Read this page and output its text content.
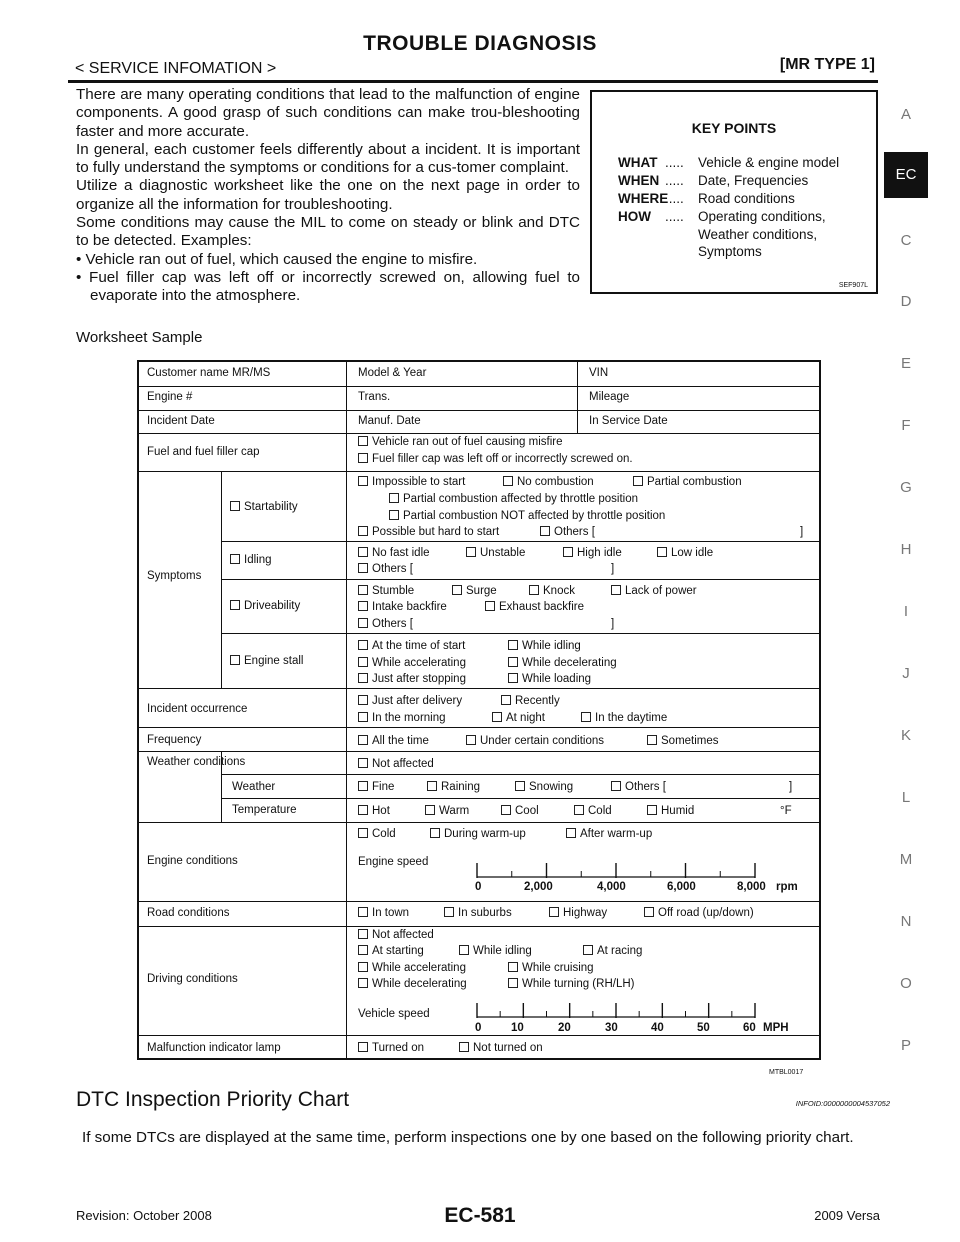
TROUBLE DIAGNOSIS
< SERVICE INFOMATION >	[MR TYPE 1]
A
EC
C
D
E
F
G
H
I
J
K
L
M
N
O
P

There are many operating conditions that lead to the malfunction of engine components. A good grasp of such conditions can make trou-bleshooting faster and more accurate.

In general, each customer feels differently about a incident. It is important to fully understand the symptoms or conditions for a cus-tomer complaint.

Utilize a diagnostic worksheet like the one on the next page in order to organize all the information for troubleshooting.

Some conditions may cause the MIL to come on steady or blink and DTC to be detected. Examples:

• Vehicle ran out of fuel, which caused the engine to misfire.

• Fuel filler cap was left off or incorrectly screwed on, allowing fuel to evaporate into the atmosphere.

KEY POINTS
WHAT .....	Vehicle & engine model
WHEN .....	Date, Frequencies
WHERE.....	Road conditions
HOW .....	Operating conditions,
Weather conditions,
Symptoms
SEF907L
Worksheet Sample
Customer name MR/MS	Model & Year	VIN
Engine #	Trans.	Mileage
Incident Date	Manuf. Date	In Service Date
Fuel and fuel filler cap
Vehicle ran out of fuel causing misfire
Fuel filler cap was left off or incorrectly screwed on.
Symptoms
Startability
Impossible to start	No combustion	Partial combustion
Partial combustion affected by throttle position
Partial combustion NOT affected by throttle position
Possible but hard to start	Others [	]
Idling
No fast idle	Unstable	High idle	Low idle
Others [	]
Driveability
Stumble	Surge	Knock	Lack of power
Intake backfire	Exhaust backfire
Others [	]
Engine stall
At the time of start	While idling
While accelerating	While decelerating
Just after stopping	While loading
Incident occurrence
Just after delivery	Recently
In the morning	At night	In the daytime
Frequency	All the time	Under certain conditions	Sometimes
Weather conditions	Not affected
Weather	Fine	Raining	Snowing	Others [	]
Temperature	Hot	Warm	Cool	Cold	Humid	°F
Engine conditions
Cold	During warm-up	After warm-up
Engine speed
0	2,000	4,000	6,000	8,000 rpm
Road conditions	In town	In suburbs	Highway	Off road (up/down)
Driving conditions
Not affected
At starting	While idling	At racing
While accelerating	While cruising
While decelerating	While turning (RH/LH)
Vehicle speed
0	10	20	30	40	50	60 MPH
Malfunction indicator lamp	Turned on	Not turned on
MTBL0017
DTC Inspection Priority Chart	INFOID:0000000004537052
If some DTCs are displayed at the same time, perform inspections one by one based on the following priority chart.
Revision: October 2008	EC-581	2009 Versa
